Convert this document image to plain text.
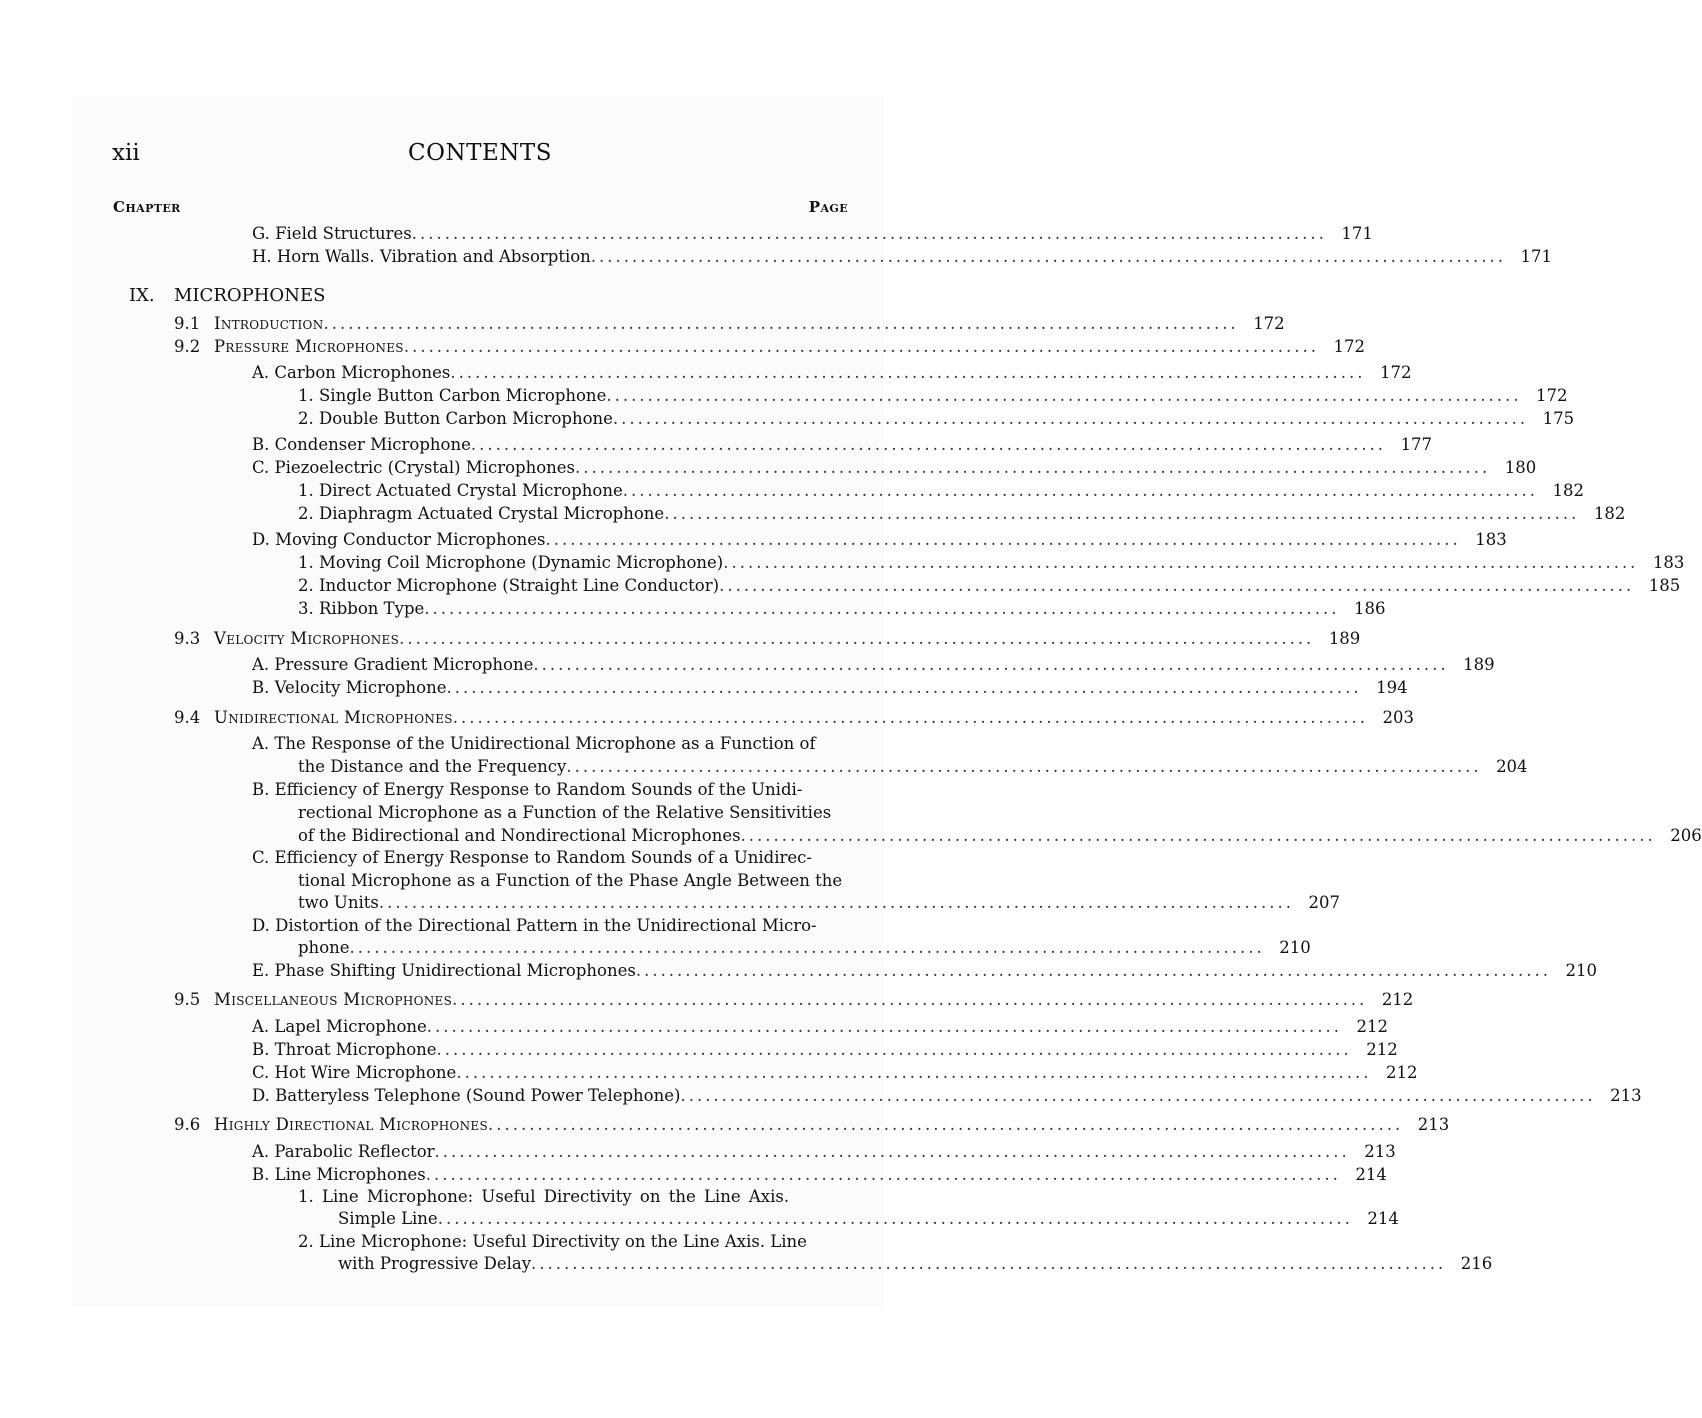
xii	CONTENTS
Chapter	Page
G. Field Structures ............................................................................................................... 171
H. Horn Walls. Vibration and Absorption ............................................................................................................... 171
IX. MICROPHONES
9.1 Introduction ............................................................................................................... 172
9.2 Pressure Microphones ............................................................................................................... 172
A. Carbon Microphones ............................................................................................................... 172
1. Single Button Carbon Microphone ............................................................................................................... 172
2. Double Button Carbon Microphone ............................................................................................................... 175
B. Condenser Microphone ............................................................................................................... 177
C. Piezoelectric (Crystal) Microphones ............................................................................................................... 180
1. Direct Actuated Crystal Microphone ............................................................................................................... 182
2. Diaphragm Actuated Crystal Microphone ............................................................................................................... 182
D. Moving Conductor Microphones ............................................................................................................... 183
1. Moving Coil Microphone (Dynamic Microphone) ............................................................................................................... 183
2. Inductor Microphone (Straight Line Conductor) ............................................................................................................... 185
3. Ribbon Type ............................................................................................................... 186
9.3 Velocity Microphones ............................................................................................................... 189
A. Pressure Gradient Microphone ............................................................................................................... 189
B. Velocity Microphone ............................................................................................................... 194
9.4 Unidirectional Microphones ............................................................................................................... 203
A. The Response of the Unidirectional Microphone as a Function of
the Distance and the Frequency ............................................................................................................... 204
B. Efficiency of Energy Response to Random Sounds of the Unidi-
rectional Microphone as a Function of the Relative Sensitivities
of the Bidirectional and Nondirectional Microphones ............................................................................................................... 206
C. Efficiency of Energy Response to Random Sounds of a Unidirec-
tional Microphone as a Function of the Phase Angle Between the
two Units ............................................................................................................... 207
D. Distortion of the Directional Pattern in the Unidirectional Micro-
phone ............................................................................................................... 210
E. Phase Shifting Unidirectional Microphones ............................................................................................................... 210
9.5 Miscellaneous Microphones ............................................................................................................... 212
A. Lapel Microphone ............................................................................................................... 212
B. Throat Microphone ............................................................................................................... 212
C. Hot Wire Microphone ............................................................................................................... 212
D. Batteryless Telephone (Sound Power Telephone) ............................................................................................................... 213
9.6 Highly Directional Microphones ............................................................................................................... 213
A. Parabolic Reflector ............................................................................................................... 213
B. Line Microphones ............................................................................................................... 214
1. Line Microphone: Useful Directivity on the Line Axis.
Simple Line ............................................................................................................... 214
2. Line Microphone: Useful Directivity on the Line Axis. Line
with Progressive Delay ............................................................................................................... 216
